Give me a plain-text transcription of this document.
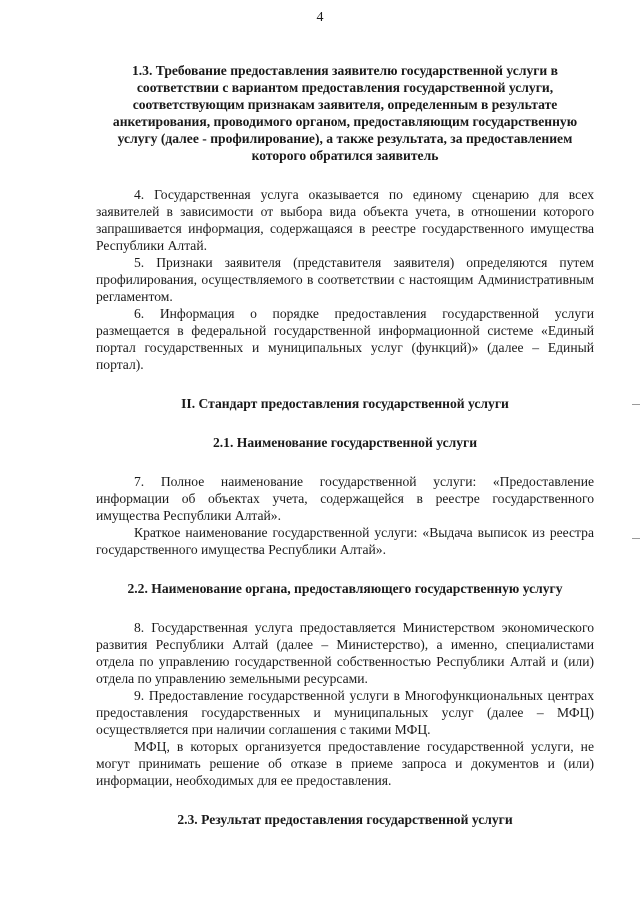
4

1.3. Требование предоставления заявителю государственной услуги в соответствии с вариантом предоставления государственной услуги, соответствующим признакам заявителя, определенным в результате анкетирования, проводимого органом, предоставляющим государственную услугу (далее - профилирование), а также результата, за предоставлением которого обратился заявитель

4. Государственная услуга оказывается по единому сценарию для всех заявителей в зависимости от выбора вида объекта учета, в отношении которого запрашивается информация, содержащаяся в реестре государственного имущества Республики Алтай.

5. Признаки заявителя (представителя заявителя) определяются путем профилирования, осуществляемого в соответствии с настоящим Административным регламентом.

6. Информация о порядке предоставления государственной услуги размещается в федеральной государственной информационной системе «Единый портал государственных и муниципальных услуг (функций)» (далее – Единый портал).

II. Стандарт предоставления государственной услуги

2.1. Наименование государственной услуги

7. Полное наименование государственной услуги: «Предоставление информации об объектах учета, содержащейся в реестре государственного имущества Республики Алтай».

Краткое наименование государственной услуги: «Выдача выписок из реестра государственного имущества Республики Алтай».

2.2. Наименование органа, предоставляющего государственную услугу

8. Государственная услуга предоставляется Министерством экономического развития Республики Алтай (далее – Министерство), а именно, специалистами отдела по управлению государственной собственностью Республики Алтай и (или) отдела по управлению земельными ресурсами.

9. Предоставление государственной услуги в Многофункциональных центрах предоставления государственных и муниципальных услуг (далее – МФЦ) осуществляется при наличии соглашения с такими МФЦ.

МФЦ, в которых организуется предоставление государственной услуги, не могут принимать решение об отказе в приеме запроса и документов и (или) информации, необходимых для ее предоставления.

2.3. Результат предоставления государственной услуги
